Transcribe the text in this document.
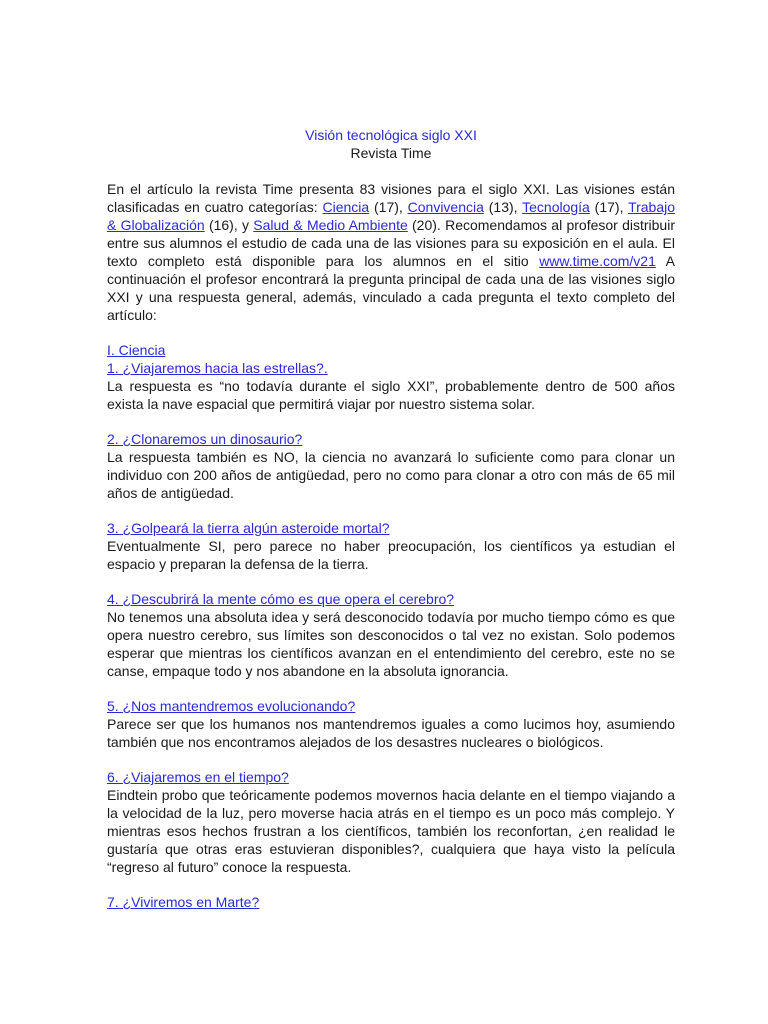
Visión tecnológica siglo XXI
Revista Time

En el artículo la revista Time presenta 83 visiones para el siglo XXI. Las visiones están clasificadas en cuatro categorías: Ciencia (17), Convivencia (13), Tecnología (17), Trabajo & Globalización (16), y Salud & Medio Ambiente (20). Recomendamos al profesor distribuir entre sus alumnos el estudio de cada una de las visiones para su exposición en el aula. El texto completo está disponible para los alumnos en el sitio www.time.com/v21 A continuación el profesor encontrará la pregunta principal de cada una de las visiones siglo XXI y una respuesta general, además, vinculado a cada pregunta el texto completo del artículo:

I. Ciencia
1. ¿Viajaremos hacia las estrellas?.

La respuesta es “no todavía durante el siglo XXI”, probablemente dentro de 500 años exista la nave espacial que permitirá viajar por nuestro sistema solar.

2. ¿Clonaremos un dinosaurio?

La respuesta también es NO, la ciencia no avanzará lo suficiente como para clonar un individuo con 200 años de antigüedad, pero no como para clonar a otro con más de 65 mil años de antigüedad.

3. ¿Golpeará la tierra algún asteroide mortal?

Eventualmente SI, pero parece no haber preocupación, los científicos ya estudian el espacio y preparan la defensa de la tierra.

4. ¿Descubrirá la mente cómo es que opera el cerebro?

No tenemos una absoluta idea y será desconocido todavía por mucho tiempo cómo es que opera nuestro cerebro, sus límites son desconocidos o tal vez no existan. Solo podemos esperar que mientras los científicos avanzan en el entendimiento del cerebro, este no se canse, empaque todo y nos abandone en la absoluta ignorancia.

5. ¿Nos mantendremos evolucionando?

Parece ser que los humanos nos mantendremos iguales a como lucimos hoy, asumiendo también que nos encontramos alejados de los desastres nucleares o biológicos.

6. ¿Viajaremos en el tiempo?

Eindtein probo que teóricamente podemos movernos hacia delante en el tiempo viajando a la velocidad de la luz, pero moverse hacia atrás en el tiempo es un poco más complejo. Y mientras esos hechos frustran a los científicos, también los reconfortan, ¿en realidad le gustaría que otras eras estuvieran disponibles?, cualquiera que haya visto la película “regreso al futuro” conoce la respuesta.

7. ¿Viviremos en Marte?
